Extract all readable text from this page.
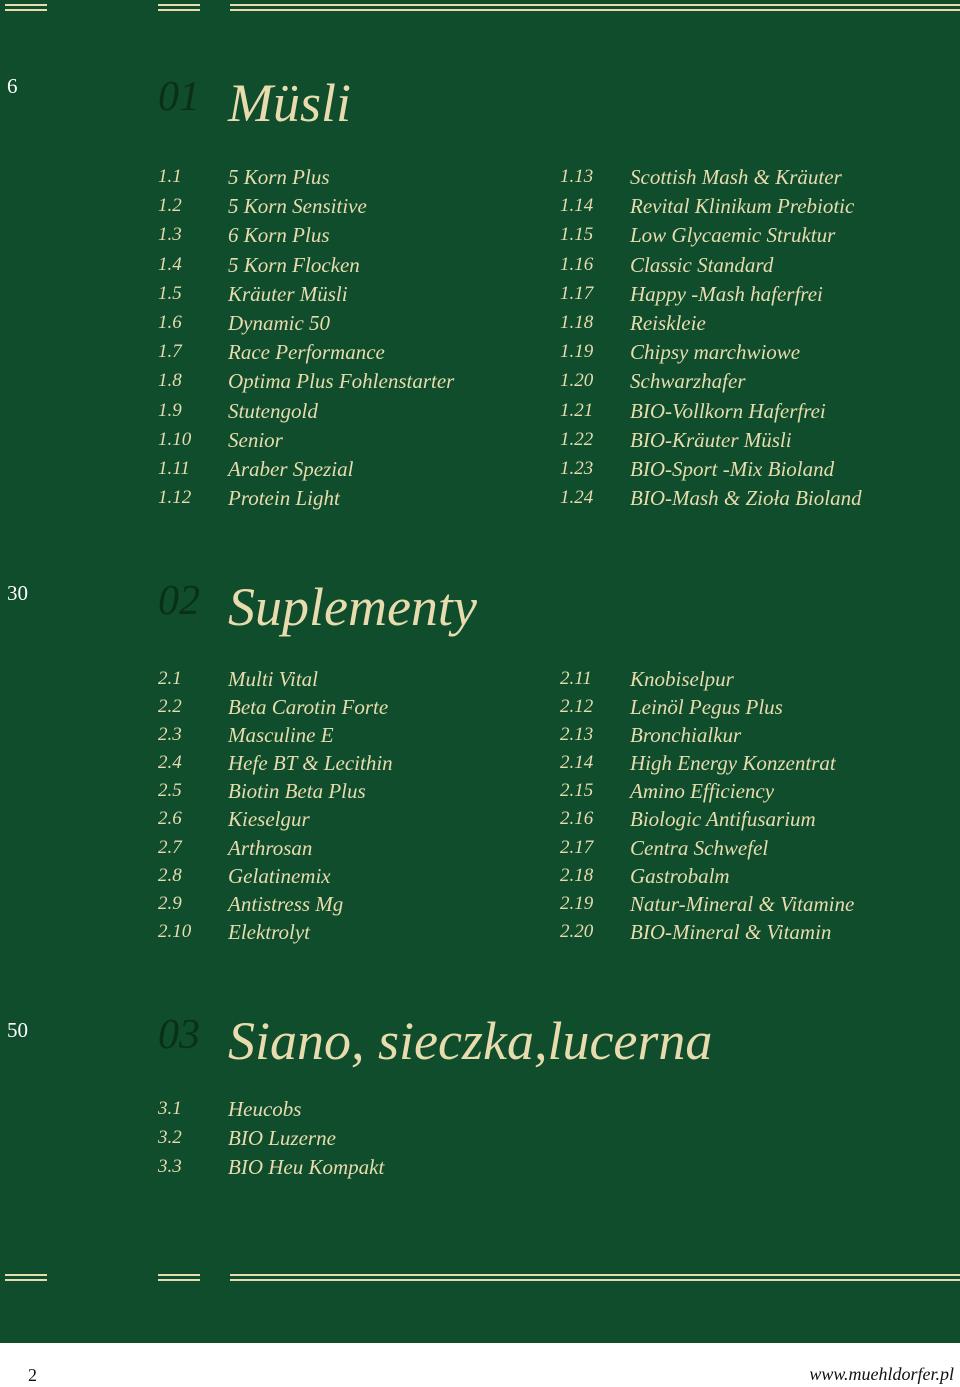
6	01 Müsli
1.1 5 Korn Plus
1.2 5 Korn Sensitive
1.3 6 Korn Plus
1.4 5 Korn Flocken
1.5 Kräuter Müsli
1.6 Dynamic 50
1.7 Race Performance
1.8 Optima Plus Fohlenstarter
1.9 Stutengold
1.10 Senior
1.11 Araber Spezial
1.12 Protein Light
1.13 Scottish Mash & Kräuter
1.14 Revital Klinikum Prebiotic
1.15 Low Glycaemic Struktur
1.16 Classic Standard
1.17 Happy -Mash haferfrei
1.18 Reiskleie
1.19 Chipsy marchwiowe
1.20 Schwarzhafer
1.21 BIO-Vollkorn Haferfrei
1.22 BIO-Kräuter Müsli
1.23 BIO-Sport -Mix Bioland
1.24 BIO-Mash & Zioła Bioland
30	02 Suplementy
2.1 Multi Vital
2.2 Beta Carotin Forte
2.3 Masculine E
2.4 Hefe BT & Lecithin
2.5 Biotin Beta Plus
2.6 Kieselgur
2.7 Arthrosan
2.8 Gelatinemix
2.9 Antistress Mg
2.10 Elektrolyt
2.11 Knobiselpur
2.12 Leinöl Pegus Plus
2.13 Bronchialkur
2.14 High Energy Konzentrat
2.15 Amino Efficiency
2.16 Biologic Antifusarium
2.17 Centra Schwefel
2.18 Gastrobalm
2.19 Natur-Mineral & Vitamine
2.20 BIO-Mineral & Vitamin
50	03 Siano, sieczka,lucerna
3.1 Heucobs
3.2 BIO Luzerne
3.3 BIO Heu Kompakt
2	www.muehldorfer.pl
